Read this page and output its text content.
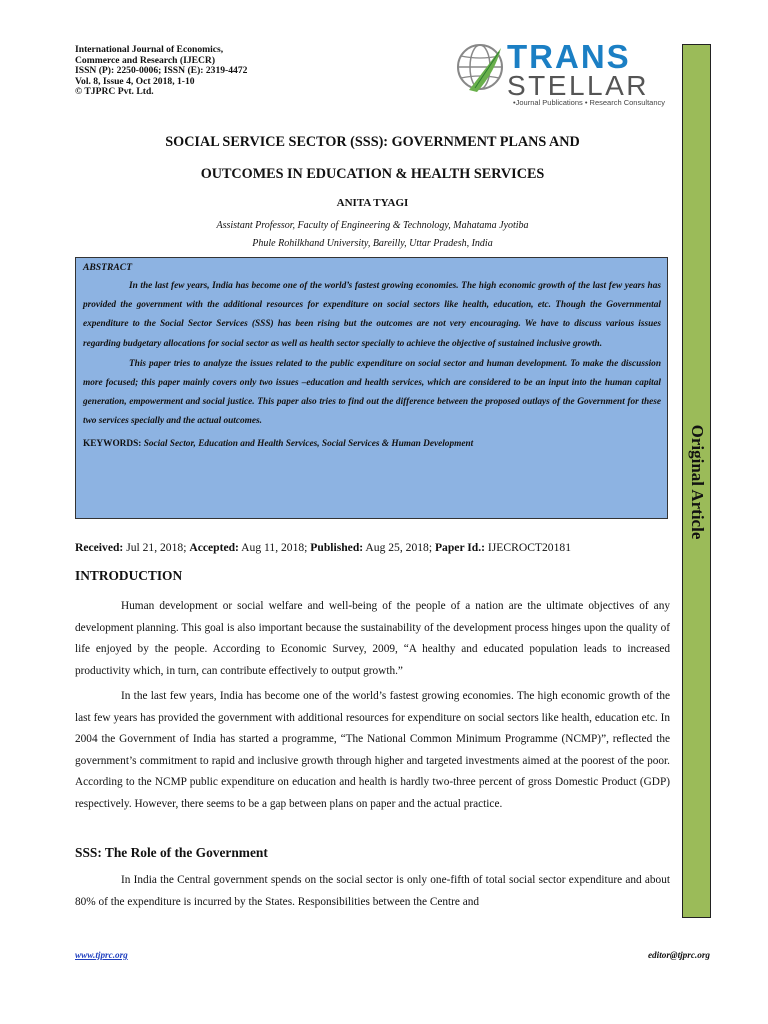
International Journal of Economics,
Commerce and Research (IJECR)
ISSN (P): 2250-0006; ISSN (E): 2319-4472
Vol. 8, Issue 4, Oct 2018, 1-10
© TJPRC Pvt. Ltd.
TRANS
STELLAR
•Journal Publications • Research Consultancy
Original Article
SOCIAL SERVICE SECTOR (SSS): GOVERNMENT PLANS AND
OUTCOMES IN EDUCATION & HEALTH SERVICES
ANITA TYAGI
Assistant Professor, Faculty of Engineering & Technology, Mahatama Jyotiba
Phule Rohilkhand University, Bareilly, Uttar Pradesh, India
ABSTRACT

In the last few years, India has become one of the world’s fastest growing economies. The high economic growth of the last few years has provided the government with the additional resources for expenditure on social sectors like health, education, etc. Though the Governmental expenditure to the Social Sector Services (SSS) has been rising but the outcomes are not very encouraging. We have to discuss various issues regarding budgetary allocations for social sector as well as health sector specially to achieve the objective of sustained inclusive growth.

This paper tries to analyze the issues related to the public expenditure on social sector and human development. To make the discussion more focused; this paper mainly covers only two issues –education and health services, which are considered to be an input into the human capital generation, empowerment and social justice. This paper also tries to find out the difference between the proposed outlays of the Government for these two services specially and the actual outcomes.

KEYWORDS: Social Sector, Education and Health Services, Social Services & Human Development
Received: Jul 21, 2018; Accepted: Aug 11, 2018; Published: Aug 25, 2018; Paper Id.: IJECROCT20181
INTRODUCTION

Human development or social welfare and well-being of the people of a nation are the ultimate objectives of any development planning. This goal is also important because the sustainability of the development process hinges upon the quality of life enjoyed by the people. According to Economic Survey, 2009, “A healthy and educated population leads to increased productivity which, in turn, can contribute effectively to output growth.”

In the last few years, India has become one of the world’s fastest growing economies. The high economic growth of the last few years has provided the government with additional resources for expenditure on social sectors like health, education etc. In 2004 the Government of India has started a programme, “The National Common Minimum Programme (NCMP)”, reflected the government’s commitment to rapid and inclusive growth through higher and targeted investments aimed at the poorest of the poor. According to the NCMP public expenditure on education and health is hardly two-three percent of gross Domestic Product (GDP) respectively. However, there seems to be a gap between plans on paper and the actual practice.

SSS: The Role of the Government

In India the Central government spends on the social sector is only one-fifth of total social sector expenditure and about 80% of the expenditure is incurred by the States. Responsibilities between the Centre and

www.tjprc.org	editor@tjprc.org
